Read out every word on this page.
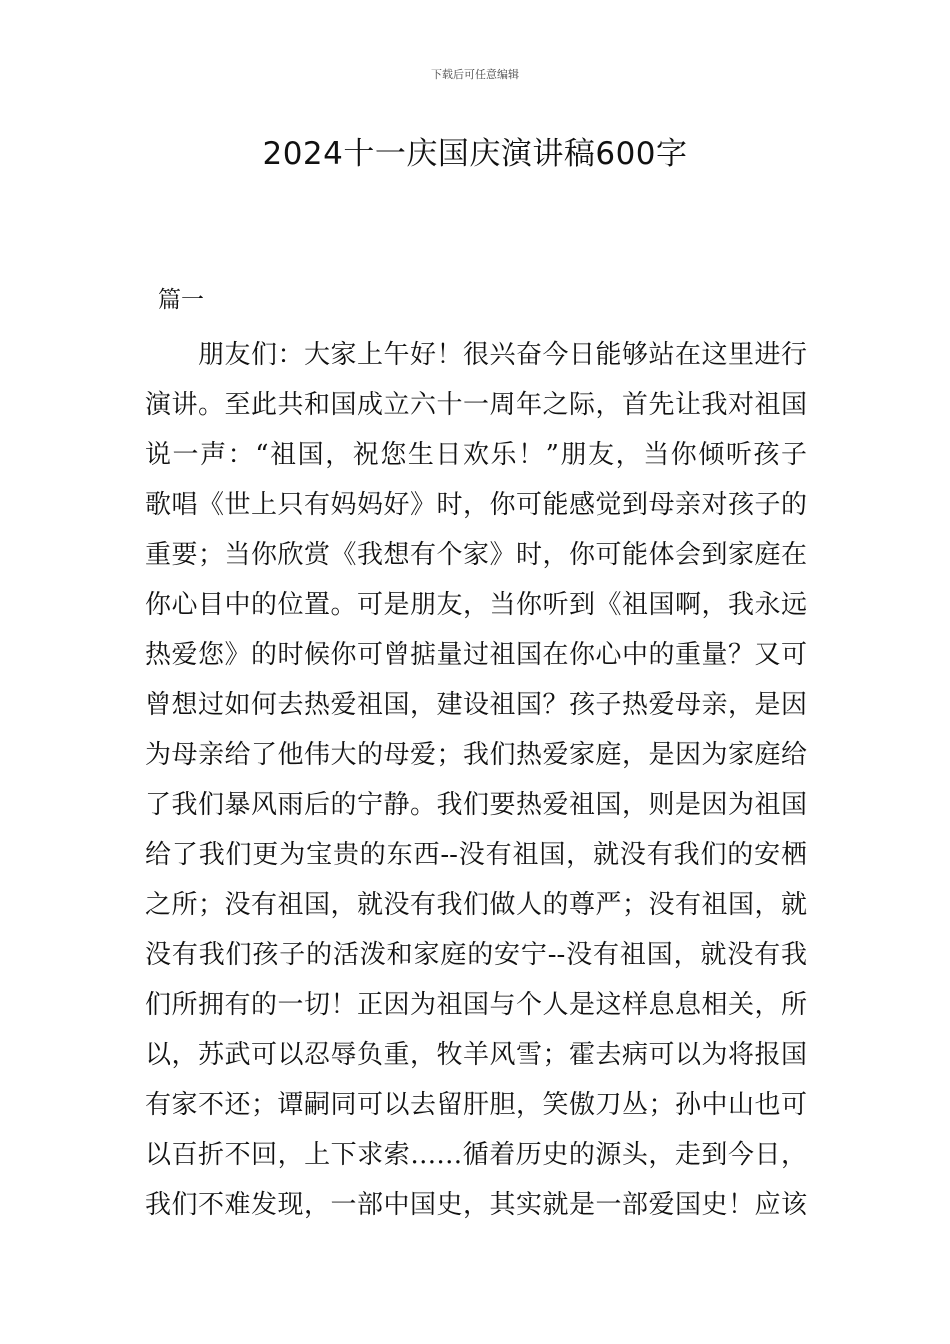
下载后可任意编辑
2024十一庆国庆演讲稿600字
篇一
朋友们：大家上午好！很兴奋今日能够站在这里进行
演讲。至此共和国成立六十一周年之际，首先让我对祖国
说一声：“祖国，祝您生日欢乐！”朋友，当你倾听孩子
歌唱《世上只有妈妈好》时，你可能感觉到母亲对孩子的
重要；当你欣赏《我想有个家》时，你可能体会到家庭在
你心目中的位置。可是朋友，当你听到《祖国啊，我永远
热爱您》的时候你可曾掂量过祖国在你心中的重量？又可
曾想过如何去热爱祖国，建设祖国？孩子热爱母亲，是因
为母亲给了他伟大的母爱；我们热爱家庭，是因为家庭给
了我们暴风雨后的宁静。我们要热爱祖国，则是因为祖国
给了我们更为宝贵的东西--没有祖国，就没有我们的安栖
之所；没有祖国，就没有我们做人的尊严；没有祖国，就
没有我们孩子的活泼和家庭的安宁--没有祖国，就没有我
们所拥有的一切！正因为祖国与个人是这样息息相关，所
以，苏武可以忍辱负重，牧羊风雪；霍去病可以为将报国
有家不还；谭嗣同可以去留肝胆，笑傲刀丛；孙中山也可
以百折不回，上下求索……循着历史的源头，走到今日，
我们不难发现，一部中国史，其实就是一部爱国史！应该
